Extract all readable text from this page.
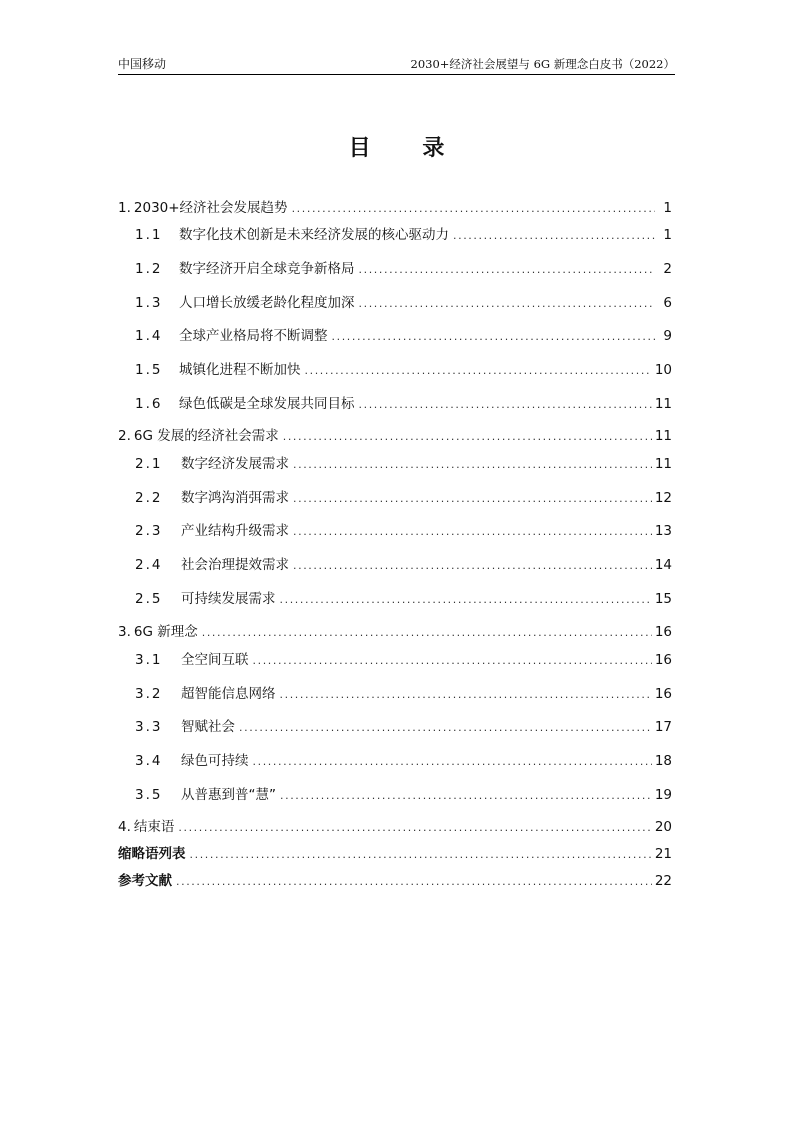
中国移动	2030+经济社会展望与 6G 新理念白皮书（2022）
目 录
1. 2030+经济社会发展趋势 .....	1
1.1	数字化技术创新是未来经济发展的核心驱动力 .....	1
1.2	数字经济开启全球竞争新格局 .....	2
1.3	人口增长放缓老龄化程度加深 .....	6
1.4	全球产业格局将不断调整 .....	9
1.5	城镇化进程不断加快 .....	10
1.6	绿色低碳是全球发展共同目标 .....	11
2. 6G 发展的经济社会需求 .....	11
2.1	数字经济发展需求 .....	11
2.2	数字鸿沟消弭需求 .....	12
2.3	产业结构升级需求 .....	13
2.4	社会治理提效需求 .....	14
2.5	可持续发展需求 .....	15
3. 6G 新理念 .....	16
3.1	全空间互联 .....	16
3.2	超智能信息网络 .....	16
3.3	智赋社会 .....	17
3.4	绿色可持续 .....	18
3.5	从普惠到普“慧” .....	19
4. 结束语 .....	20
缩略语列表 .....	21
参考文献 .....	22
